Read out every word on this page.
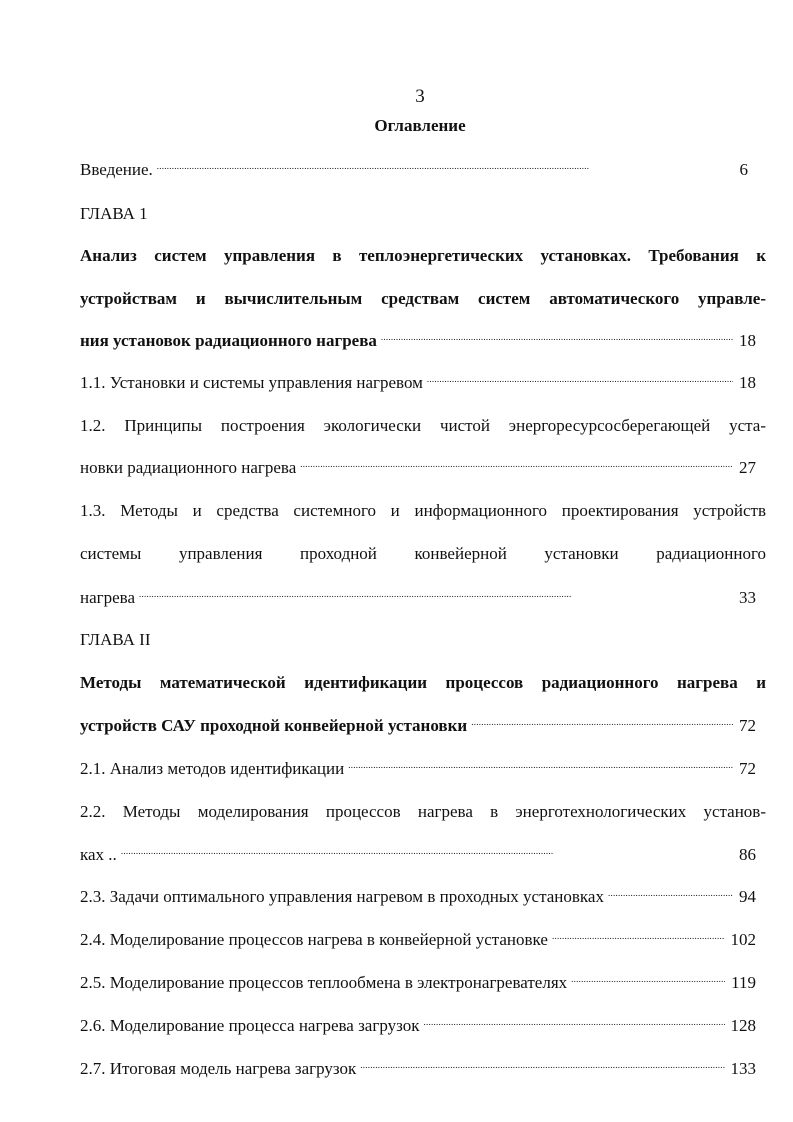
3
Оглавление
Введение. . . .	6
ГЛАВА 1
Анализ систем управления в теплоэнергетических установках. Требования к
устройствам и вычислительным средствам систем автоматического управле-
ния установок радиационного нагрева . . .	18
1.1. Установки и системы управления нагревом . . .	18
1.2. Принципы построения экологически чистой энергоресурсосберегающей уста-
новки радиационного нагрева . . .	27
1.3. Методы и средства системного и информационного проектирования устройств
системы управления проходной конвейерной установки радиационного
нагрева . . .	33
ГЛАВА II
Методы математической идентификации процессов радиационного нагрева и
устройств САУ проходной конвейерной установки . . .	72
2.1. Анализ методов идентификации . . .	72
2.2. Методы моделирования процессов нагрева в энерготехнологических установ-
ках .. . . .	86
2.3. Задачи оптимального управления нагревом в проходных установках . . .	94
2.4. Моделирование процессов нагрева в конвейерной установке . . .	102
2.5. Моделирование процессов теплообмена в электронагревателях . . .	119
2.6. Моделирование процесса нагрева загрузок . . .	128
2.7. Итоговая модель нагрева загрузок . . .	133
